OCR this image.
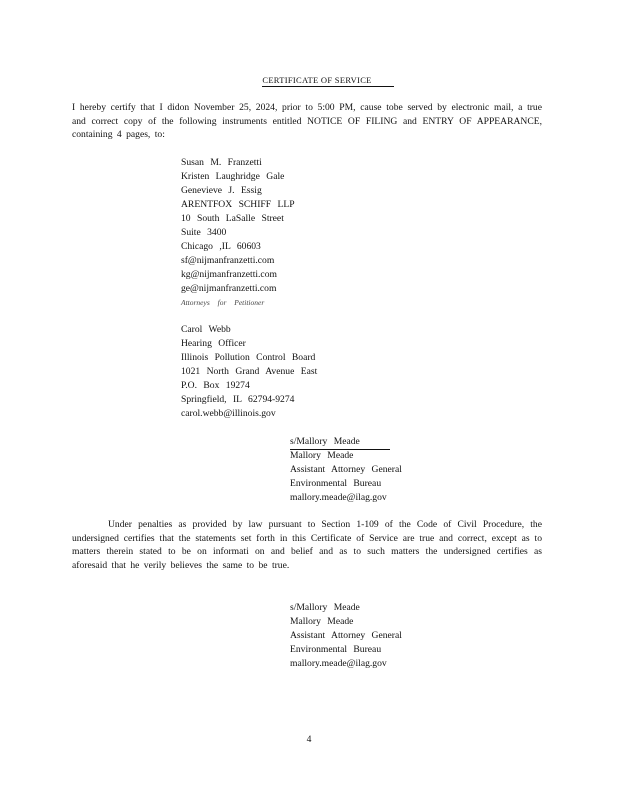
CERTIFICATE OF SERVICE

I hereby certify that I didon November 25, 2024, prior to 5:00 PM, cause tobe served by electronic mail, a true and correct copy of the following instruments entitled NOTICE OF FILING and ENTRY OF APPEARANCE, containing 4 pages, to:

Susan M. Franzetti
Kristen Laughridge Gale
Genevieve J. Essig
ARENTFOX SCHIFF LLP
10 South LaSalle Street
Suite 3400
Chicago ,IL 60603
sf@nijmanfranzetti.com
kg@nijmanfranzetti.com
ge@nijmanfranzetti.com
Attorneys for Petitioner
Carol Webb
Hearing Officer
Illinois Pollution Control Board
1021 North Grand Avenue East
P.O. Box 19274
Springfield, IL 62794-9274
carol.webb@illinois.gov
s/Mallory Meade
Mallory Meade
Assistant Attorney General
Environmental Bureau
mallory.meade@ilag.gov

Under penalties as provided by law pursuant to Section 1-109 of the Code of Civil Procedure, the undersigned certifies that the statements set forth in this Certificate of Service are true and correct, except as to matters therein stated to be on informati on and belief and as to such matters the undersigned certifies as aforesaid that he verily believes the same to be true.

s/Mallory Meade
Mallory Meade
Assistant Attorney General
Environmental Bureau
mallory.meade@ilag.gov
4
